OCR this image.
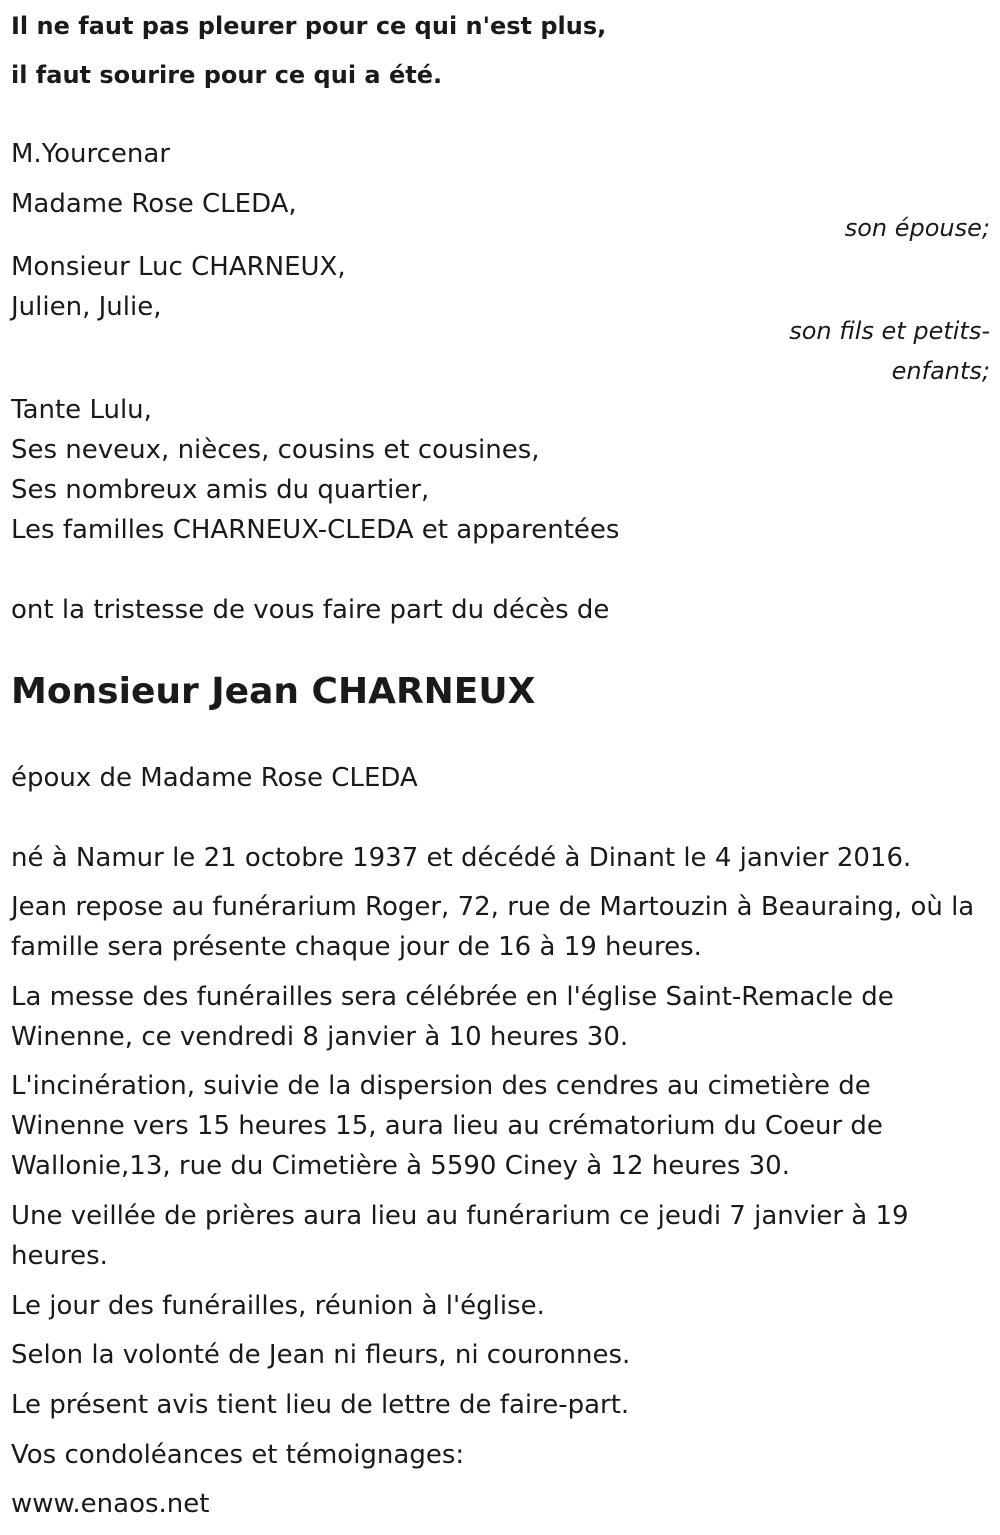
Il ne faut pas pleurer pour ce qui n'est plus,
il faut sourire pour ce qui a été.
M.Yourcenar
Madame Rose CLEDA,
son épouse;
Monsieur Luc CHARNEUX,
Julien, Julie,
son fils et petits-
enfants;
Tante Lulu,
Ses neveux, nièces, cousins et cousines,
Ses nombreux amis du quartier,
Les familles CHARNEUX-CLEDA et apparentées
ont la tristesse de vous faire part du décès de
Monsieur Jean CHARNEUX
époux de Madame Rose CLEDA
né à Namur le 21 octobre 1937 et décédé à Dinant le 4 janvier 2016.
Jean repose au funérarium Roger, 72, rue de Martouzin à Beauraing, où la
famille sera présente chaque jour de 16 à 19 heures.
La messe des funérailles sera célébrée en l'église Saint-Remacle de
Winenne, ce vendredi 8 janvier à 10 heures 30.
L'incinération, suivie de la dispersion des cendres au cimetière de
Winenne vers 15 heures 15, aura lieu au crématorium du Coeur de
Wallonie,13, rue du Cimetière à 5590 Ciney à 12 heures 30.
Une veillée de prières aura lieu au funérarium ce jeudi 7 janvier à 19
heures.
Le jour des funérailles, réunion à l'église.
Selon la volonté de Jean ni fleurs, ni couronnes.
Le présent avis tient lieu de lettre de faire-part.
Vos condoléances et témoignages:
www.enaos.net
